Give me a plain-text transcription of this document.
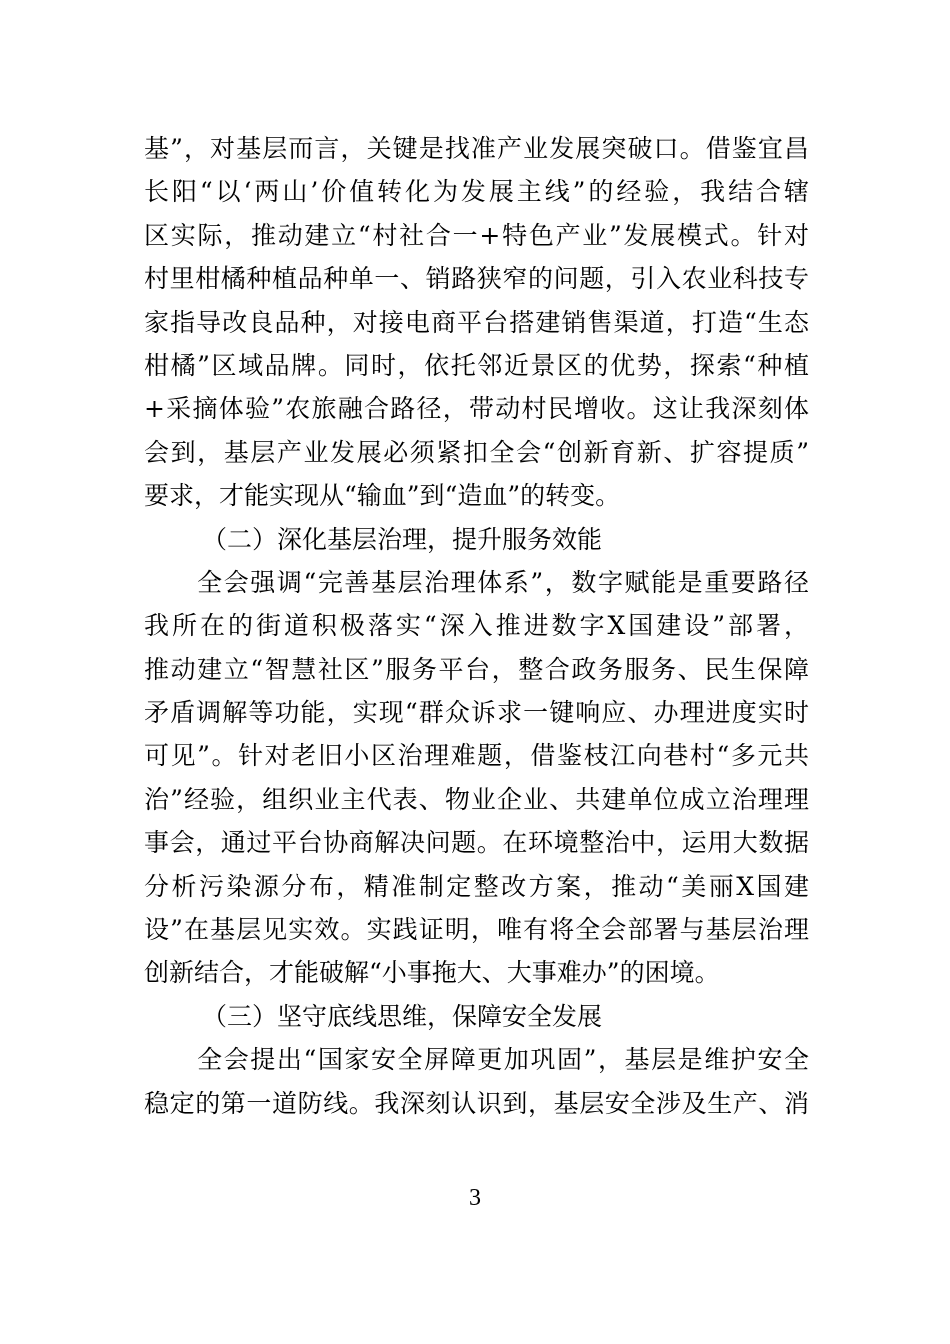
基”，对基层而言，关键是找准产业发展突破口。借鉴宜昌
长阳“以‘两山’价值转化为发展主线”的经验，我结合辖
区实际，推动建立“村社合一+特色产业”发展模式。针对
村里柑橘种植品种单一、销路狭窄的问题，引入农业科技专
家指导改良品种，对接电商平台搭建销售渠道，打造“生态
柑橘”区域品牌。同时，依托邻近景区的优势，探索“种植
+采摘体验”农旅融合路径，带动村民增收。这让我深刻体
会到，基层产业发展必须紧扣全会“创新育新、扩容提质”
要求，才能实现从“输血”到“造血”的转变。
（二）深化基层治理，提升服务效能
　　全会强调“完善基层治理体系”，数字赋能是重要路径
我所在的街道积极落实“深入推进数字X国建设”部署，
推动建立“智慧社区”服务平台，整合政务服务、民生保障
矛盾调解等功能，实现“群众诉求一键响应、办理进度实时
可见”。针对老旧小区治理难题，借鉴枝江向巷村“多元共
治”经验，组织业主代表、物业企业、共建单位成立治理理
事会，通过平台协商解决问题。在环境整治中，运用大数据
分析污染源分布，精准制定整改方案，推动“美丽X国建
设”在基层见实效。实践证明，唯有将全会部署与基层治理
创新结合，才能破解“小事拖大、大事难办”的困境。
（三）坚守底线思维，保障安全发展
　　全会提出“国家安全屏障更加巩固”，基层是维护安全
稳定的第一道防线。我深刻认识到，基层安全涉及生产、消
3
